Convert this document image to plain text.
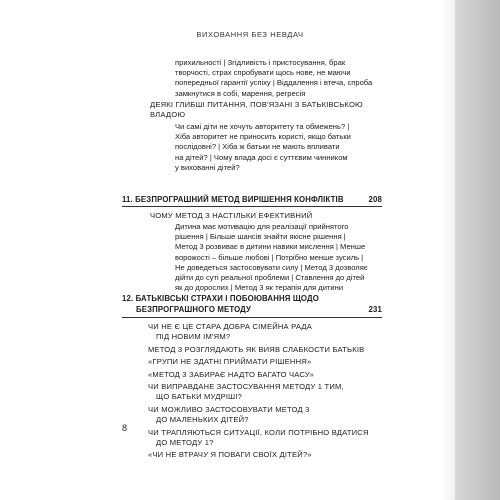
ВИХОВАННЯ БЕЗ НЕВДАЧ
прихильності | Згідливість і пристосування, брак
творчості, страх спробувати щось нове, не маючи
попередньої гарантії успіху | Віддалення і втеча, спроба
замкнутися в собі, марення, регресія
ДЕЯКІ ГЛИБШІ ПИТАННЯ, ПОВ'ЯЗАНІ З БАТЬКІВСЬКОЮ
ВЛАДОЮ
Чи самі діти не хочуть авторитету та обмежень? |
Хіба авторитет не приносить користі, якщо батьки
послідовні? | Хіба ж батьки не мають впливати
на дітей? | Чому влада досі є суттєвим чинником
у вихованні дітей?
11. БЕЗПРОГРАШНИЙ МЕТОД ВИРІШЕННЯ КОНФЛІКТІВ	208
ЧОМУ МЕТОД З НАСТІЛЬКИ ЕФЕКТИВНИЙ
Дитина має мотивацію для реалізації прийнятого
рішення | Більше шансів знайти якісне рішення |
Метод 3 розвиває в дитини навики мислення | Менше
ворожості – більше любові | Потрібно менше зусиль |
Не доведеться застосовувати силу | Метод 3 дозволяє
дійти до суті реальної проблеми | Ставлення до дітей
як до дорослих | Метод 3 як терапія для дитини
12. БАТЬКІВСЬКІ СТРАХИ І ПОБОЮВАННЯ ЩОДО
БЕЗПРОГРАШНОГО МЕТОДУ	231
ЧИ НЕ Є ЦЕ СТАРА ДОБРА СІМЕЙНА РАДА
ПІД НОВИМ ІМ'ЯМ?
МЕТОД 3 РОЗГЛЯДАЮТЬ ЯК ВИЯВ СЛАБКОСТИ БАТЬКІВ
«ГРУПИ НЕ ЗДАТНІ ПРИЙМАТИ РІШЕННЯ»
«МЕТОД 3 ЗАБИРАЄ НАДТО БАГАТО ЧАСУ»
ЧИ ВИПРАВДАНЕ ЗАСТОСУВАННЯ МЕТОДУ 1 ТИМ,
ЩО БАТЬКИ МУДРІШІ?
ЧИ МОЖЛИВО ЗАСТОСОВУВАТИ МЕТОД 3
ДО МАЛЕНЬКИХ ДІТЕЙ?
ЧИ ТРАПЛЯЮТЬСЯ СИТУАЦІЇ, КОЛИ ПОТРІБНО ВДАТИСЯ
ДО МЕТОДУ 1?
«ЧИ НЕ ВТРАЧУ Я ПОВАГИ СВОЇХ ДІТЕЙ?»
8
